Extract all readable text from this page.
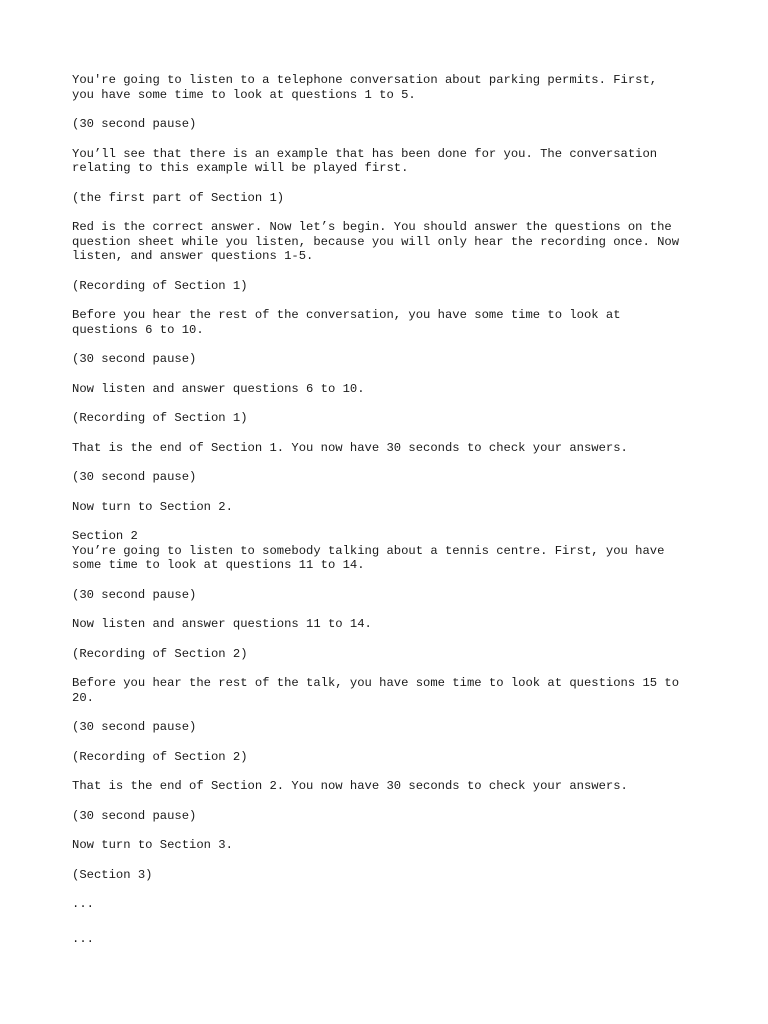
You're going to listen to a telephone conversation about parking permits. First,
you have some time to look at questions 1 to 5.

(30 second pause)

You’ll see that there is an example that has been done for you. The conversation
relating to this example will be played first.

(the first part of Section 1)

Red is the correct answer. Now let’s begin. You should answer the questions on the
question sheet while you listen, because you will only hear the recording once. Now
listen, and answer questions 1-5.

(Recording of Section 1)

Before you hear the rest of the conversation, you have some time to look at
questions 6 to 10.

(30 second pause)

Now listen and answer questions 6 to 10.

(Recording of Section 1)

That is the end of Section 1. You now have 30 seconds to check your answers.

(30 second pause)

Now turn to Section 2.

Section 2
You’re going to listen to somebody talking about a tennis centre. First, you have
some time to look at questions 11 to 14.

(30 second pause)

Now listen and answer questions 11 to 14.

(Recording of Section 2)

Before you hear the rest of the talk, you have some time to look at questions 15 to
20.

(30 second pause)

(Recording of Section 2)

That is the end of Section 2. You now have 30 seconds to check your answers.

(30 second pause)

Now turn to Section 3.

(Section 3)

...

...
